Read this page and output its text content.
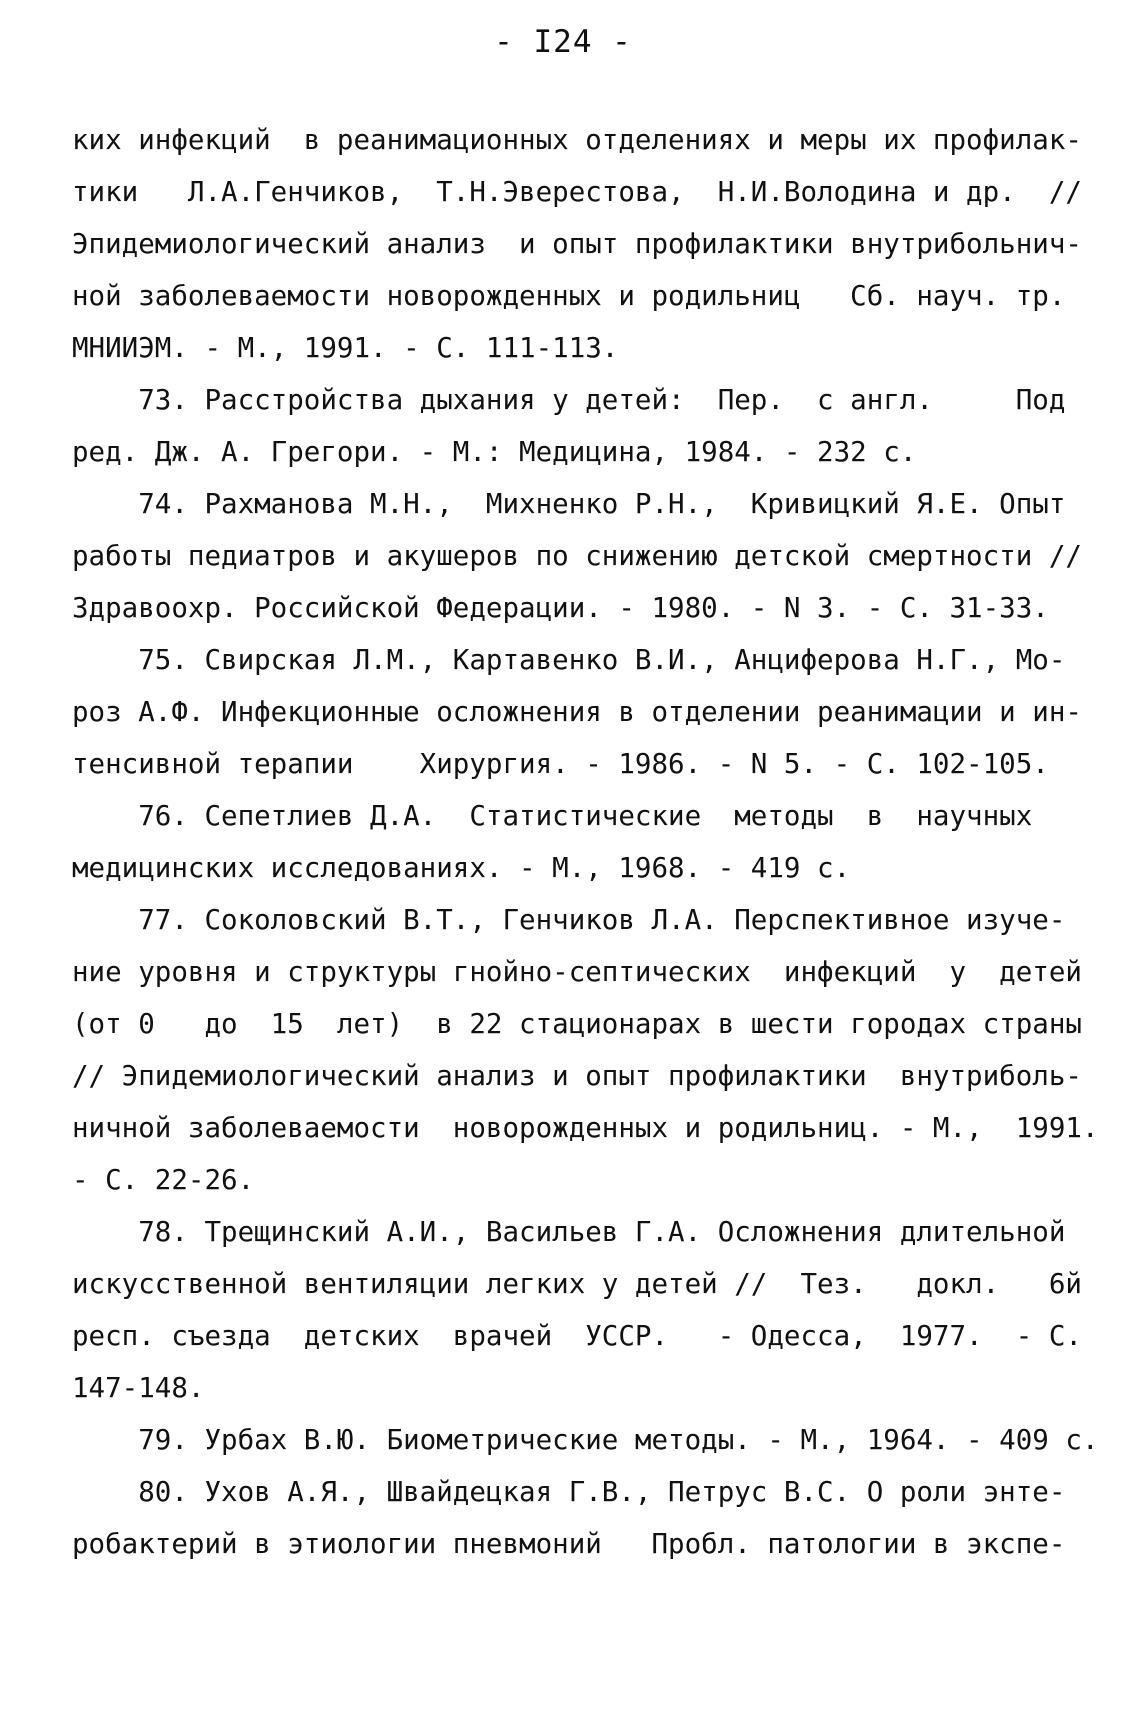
- I24 -
ких инфекций  в реанимационных отделениях и меры их профилак-
тики   Л.А.Генчиков,  Т.Н.Эверестова,  Н.И.Володина и др.  //
Эпидемиологический анализ  и опыт профилактики внутрибольнич-
ной заболеваемости новорожденных и родильниц   Сб. науч. тр.
МНИИЭМ. - М., 1991. - С. 111-113.
73. Расстройства дыхания у детей:  Пер.  с англ.     Под
ред. Дж. А. Грегори. - М.: Медицина, 1984. - 232 с.
74. Рахманова М.Н.,  Михненко Р.Н.,  Кривицкий Я.Е. Опыт
работы педиатров и акушеров по снижению детской смертности //
Здравоохр. Российской Федерации. - 1980. - N 3. - С. 31-33.
75. Свирская Л.М., Картавенко В.И., Анциферова Н.Г., Мо-
роз А.Ф. Инфекционные осложнения в отделении реанимации и ин-
тенсивной терапии    Хирургия. - 1986. - N 5. - С. 102-105.
76. Сепетлиев Д.А.  Статистические  методы  в  научных
медицинских исследованиях. - М., 1968. - 419 с.
77. Соколовский В.Т., Генчиков Л.А. Перспективное изуче-
ние уровня и структуры гнойно-септических  инфекций  у  детей
(от 0   до  15  лет)  в 22 стационарах в шести городах страны
// Эпидемиологический анализ и опыт профилактики  внутриболь-
ничной заболеваемости  новорожденных и родильниц. - М.,  1991.
- С. 22-26.
78. Трещинский А.И., Васильев Г.А. Осложнения длительной
искусственной вентиляции легких у детей //  Тез.   докл.   6й
респ. съезда  детских  врачей  УССР.   - Одесса,  1977.  - С.
147-148.
79. Урбах В.Ю. Биометрические методы. - М., 1964. - 409 с.
80. Ухов А.Я., Швайдецкая Г.В., Петрус В.С. О роли энте-
робактерий в этиологии пневмоний   Пробл. патологии в экспе-
